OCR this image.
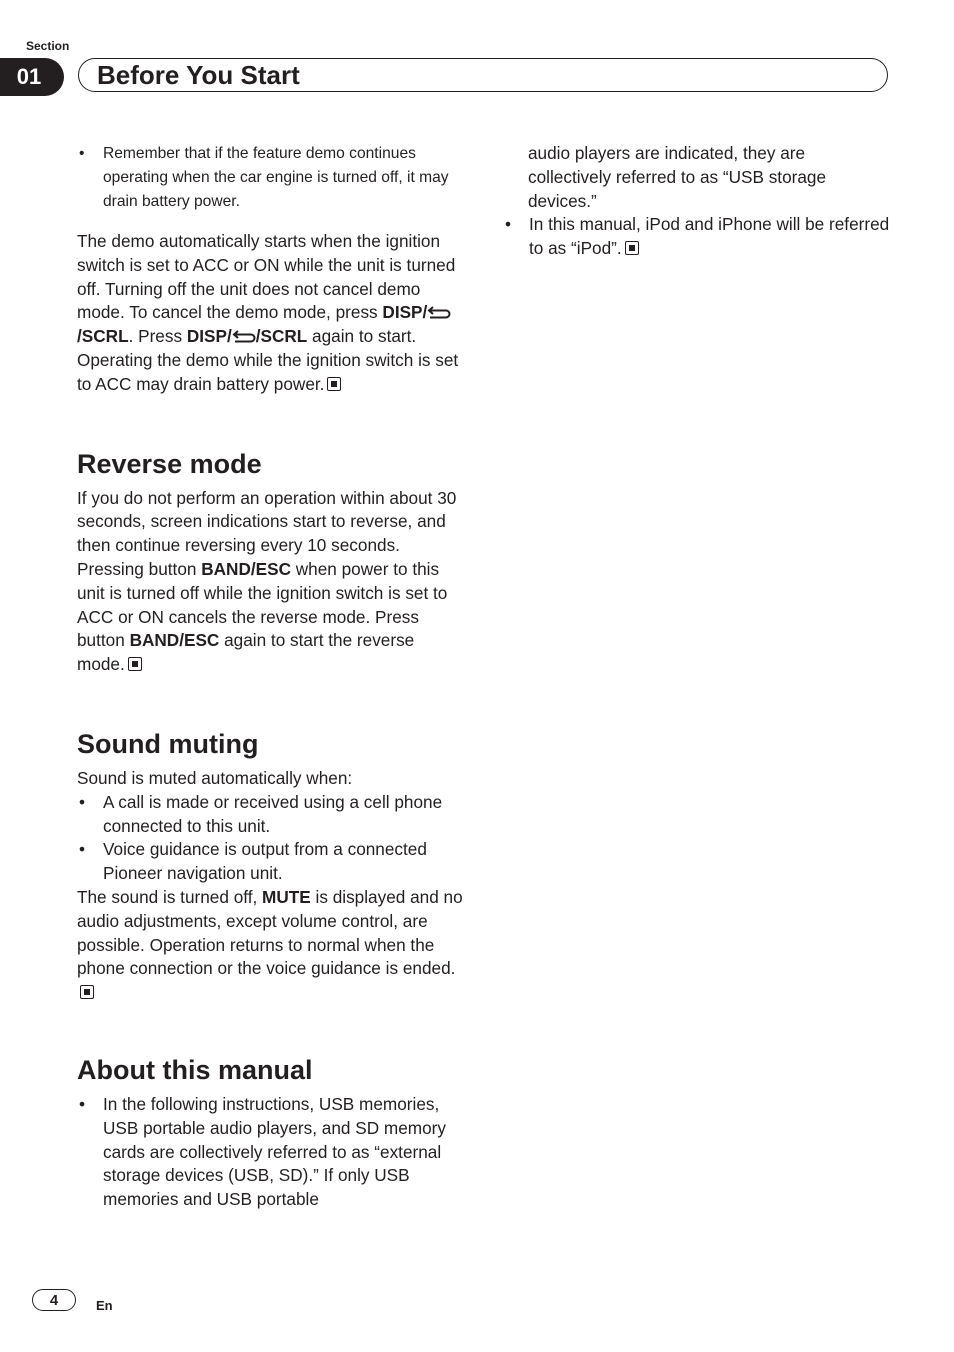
Section
01	Before You Start
• Remember that if the feature demo continues operating when the car engine is turned off, it may drain battery power.

The demo automatically starts when the ignition switch is set to ACC or ON while the unit is turned off. Turning off the unit does not cancel demo mode. To cancel the demo mode, press DISP//SCRL. Press DISP/ /SCRL again to start. Operating the demo while the ignition switch is set to ACC may drain battery power.

Reverse mode

If you do not perform an operation within about 30 seconds, screen indications start to reverse, and then continue reversing every 10 seconds. Pressing button BAND/ESC when power to this unit is turned off while the ignition switch is set to ACC or ON cancels the reverse mode. Press button BAND/ESC again to start the reverse mode.

Sound muting

Sound is muted automatically when:

• A call is made or received using a cell phone connected to this unit.
• Voice guidance is output from a connected Pioneer navigation unit.

The sound is turned off, MUTE is displayed and no audio adjustments, except volume control, are possible. Operation returns to normal when the phone connection or the voice guidance is ended.

About this manual
• In the following instructions, USB memories, USB portable audio players, and SD memory cards are collectively referred to as “external storage devices (USB, SD).” If only USB memories and USB portable
audio players are indicated, they are collectively referred to as “USB storage devices.”
• In this manual, iPod and iPhone will be referred to as “iPod”.
4	En
